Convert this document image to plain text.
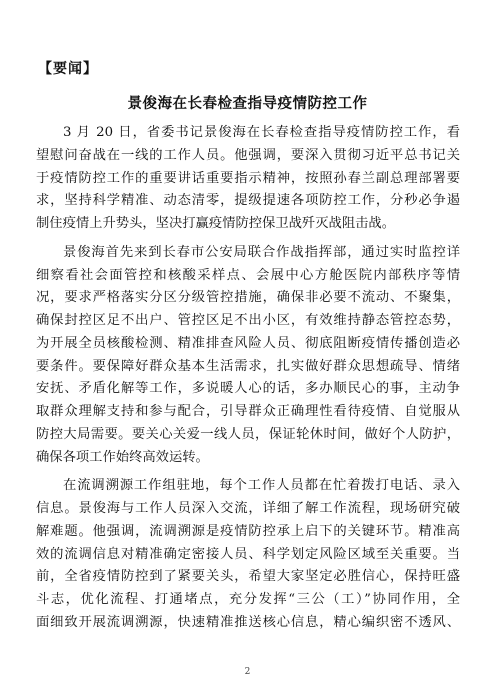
【要闻】
景俊海在长春检查指导疫情防控工作
3 月 20 日，省委书记景俊海在长春检查指导疫情防控工作，看
望慰问奋战在一线的工作人员。他强调，要深入贯彻习近平总书记关
于疫情防控工作的重要讲话重要指示精神，按照孙春兰副总理部署要
求，坚持科学精准、动态清零，提级提速各项防控工作，分秒必争遏
制住疫情上升势头，坚决打赢疫情防控保卫战歼灭战阻击战。
景俊海首先来到长春市公安局联合作战指挥部，通过实时监控详
细察看社会面管控和核酸采样点、会展中心方舱医院内部秩序等情
况，要求严格落实分区分级管控措施，确保非必要不流动、不聚集，
确保封控区足不出户、管控区足不出小区，有效维持静态管控态势，
为开展全员核酸检测、精准排查风险人员、彻底阻断疫情传播创造必
要条件。要保障好群众基本生活需求，扎实做好群众思想疏导、情绪
安抚、矛盾化解等工作，多说暖人心的话，多办顺民心的事，主动争
取群众理解支持和参与配合，引导群众正确理性看待疫情、自觉服从
防控大局需要。要关心关爱一线人员，保证轮休时间，做好个人防护，
确保各项工作始终高效运转。
在流调溯源工作组驻地，每个工作人员都在忙着拨打电话、录入
信息。景俊海与工作人员深入交流，详细了解工作流程，现场研究破
解难题。他强调，流调溯源是疫情防控承上启下的关键环节。精准高
效的流调信息对精准确定密接人员、科学划定风险区域至关重要。当
前，全省疫情防控到了紧要关头，希望大家坚定必胜信心，保持旺盛
斗志，优化流程、打通堵点，充分发挥“三公（工）”协同作用，全
面细致开展流调溯源，快速精准推送核心信息，精心编织密不透风、
2
